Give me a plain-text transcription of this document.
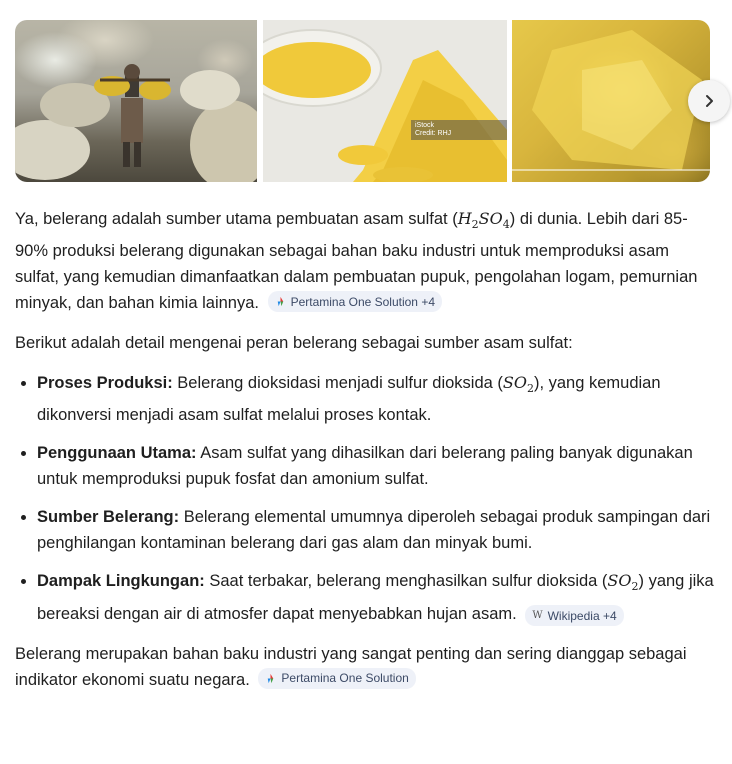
iStock
Credit: RHJ

Ya, belerang adalah sumber utama pembuatan asam sulfat $(H_2SO_4)$ di dunia. Lebih dari 85-90% produksi belerang digunakan sebagai bahan baku industri untuk memproduksi asam sulfat, yang kemudian dimanfaatkan dalam pembuatan pupuk, pengolahan logam, pemurnian minyak, dan bahan kimia lainnya.	Pertamina One Solution +4

Berikut adalah detail mengenai peran belerang sebagai sumber asam sulfat:

• Proses Produksi: Belerang dioksidasi menjadi sulfur dioksida $(SO_2)$, yang kemudian dikonversi menjadi asam sulfat melalui proses kontak.
• Penggunaan Utama: Asam sulfat yang dihasilkan dari belerang paling banyak digunakan untuk memproduksi pupuk fosfat dan amonium sulfat.
• Sumber Belerang: Belerang elemental umumnya diperoleh sebagai produk sampingan dari penghilangan kontaminan belerang dari gas alam dan minyak bumi.
• Dampak Lingkungan: Saat terbakar, belerang menghasilkan sulfur dioksida $(SO_2)$ yang jika bereaksi dengan air di atmosfer dapat menyebabkan hujan asam. W Wikipedia +4

Belerang merupakan bahan baku industri yang sangat penting dan sering dianggap sebagai indikator ekonomi suatu negara.	Pertamina One Solution
